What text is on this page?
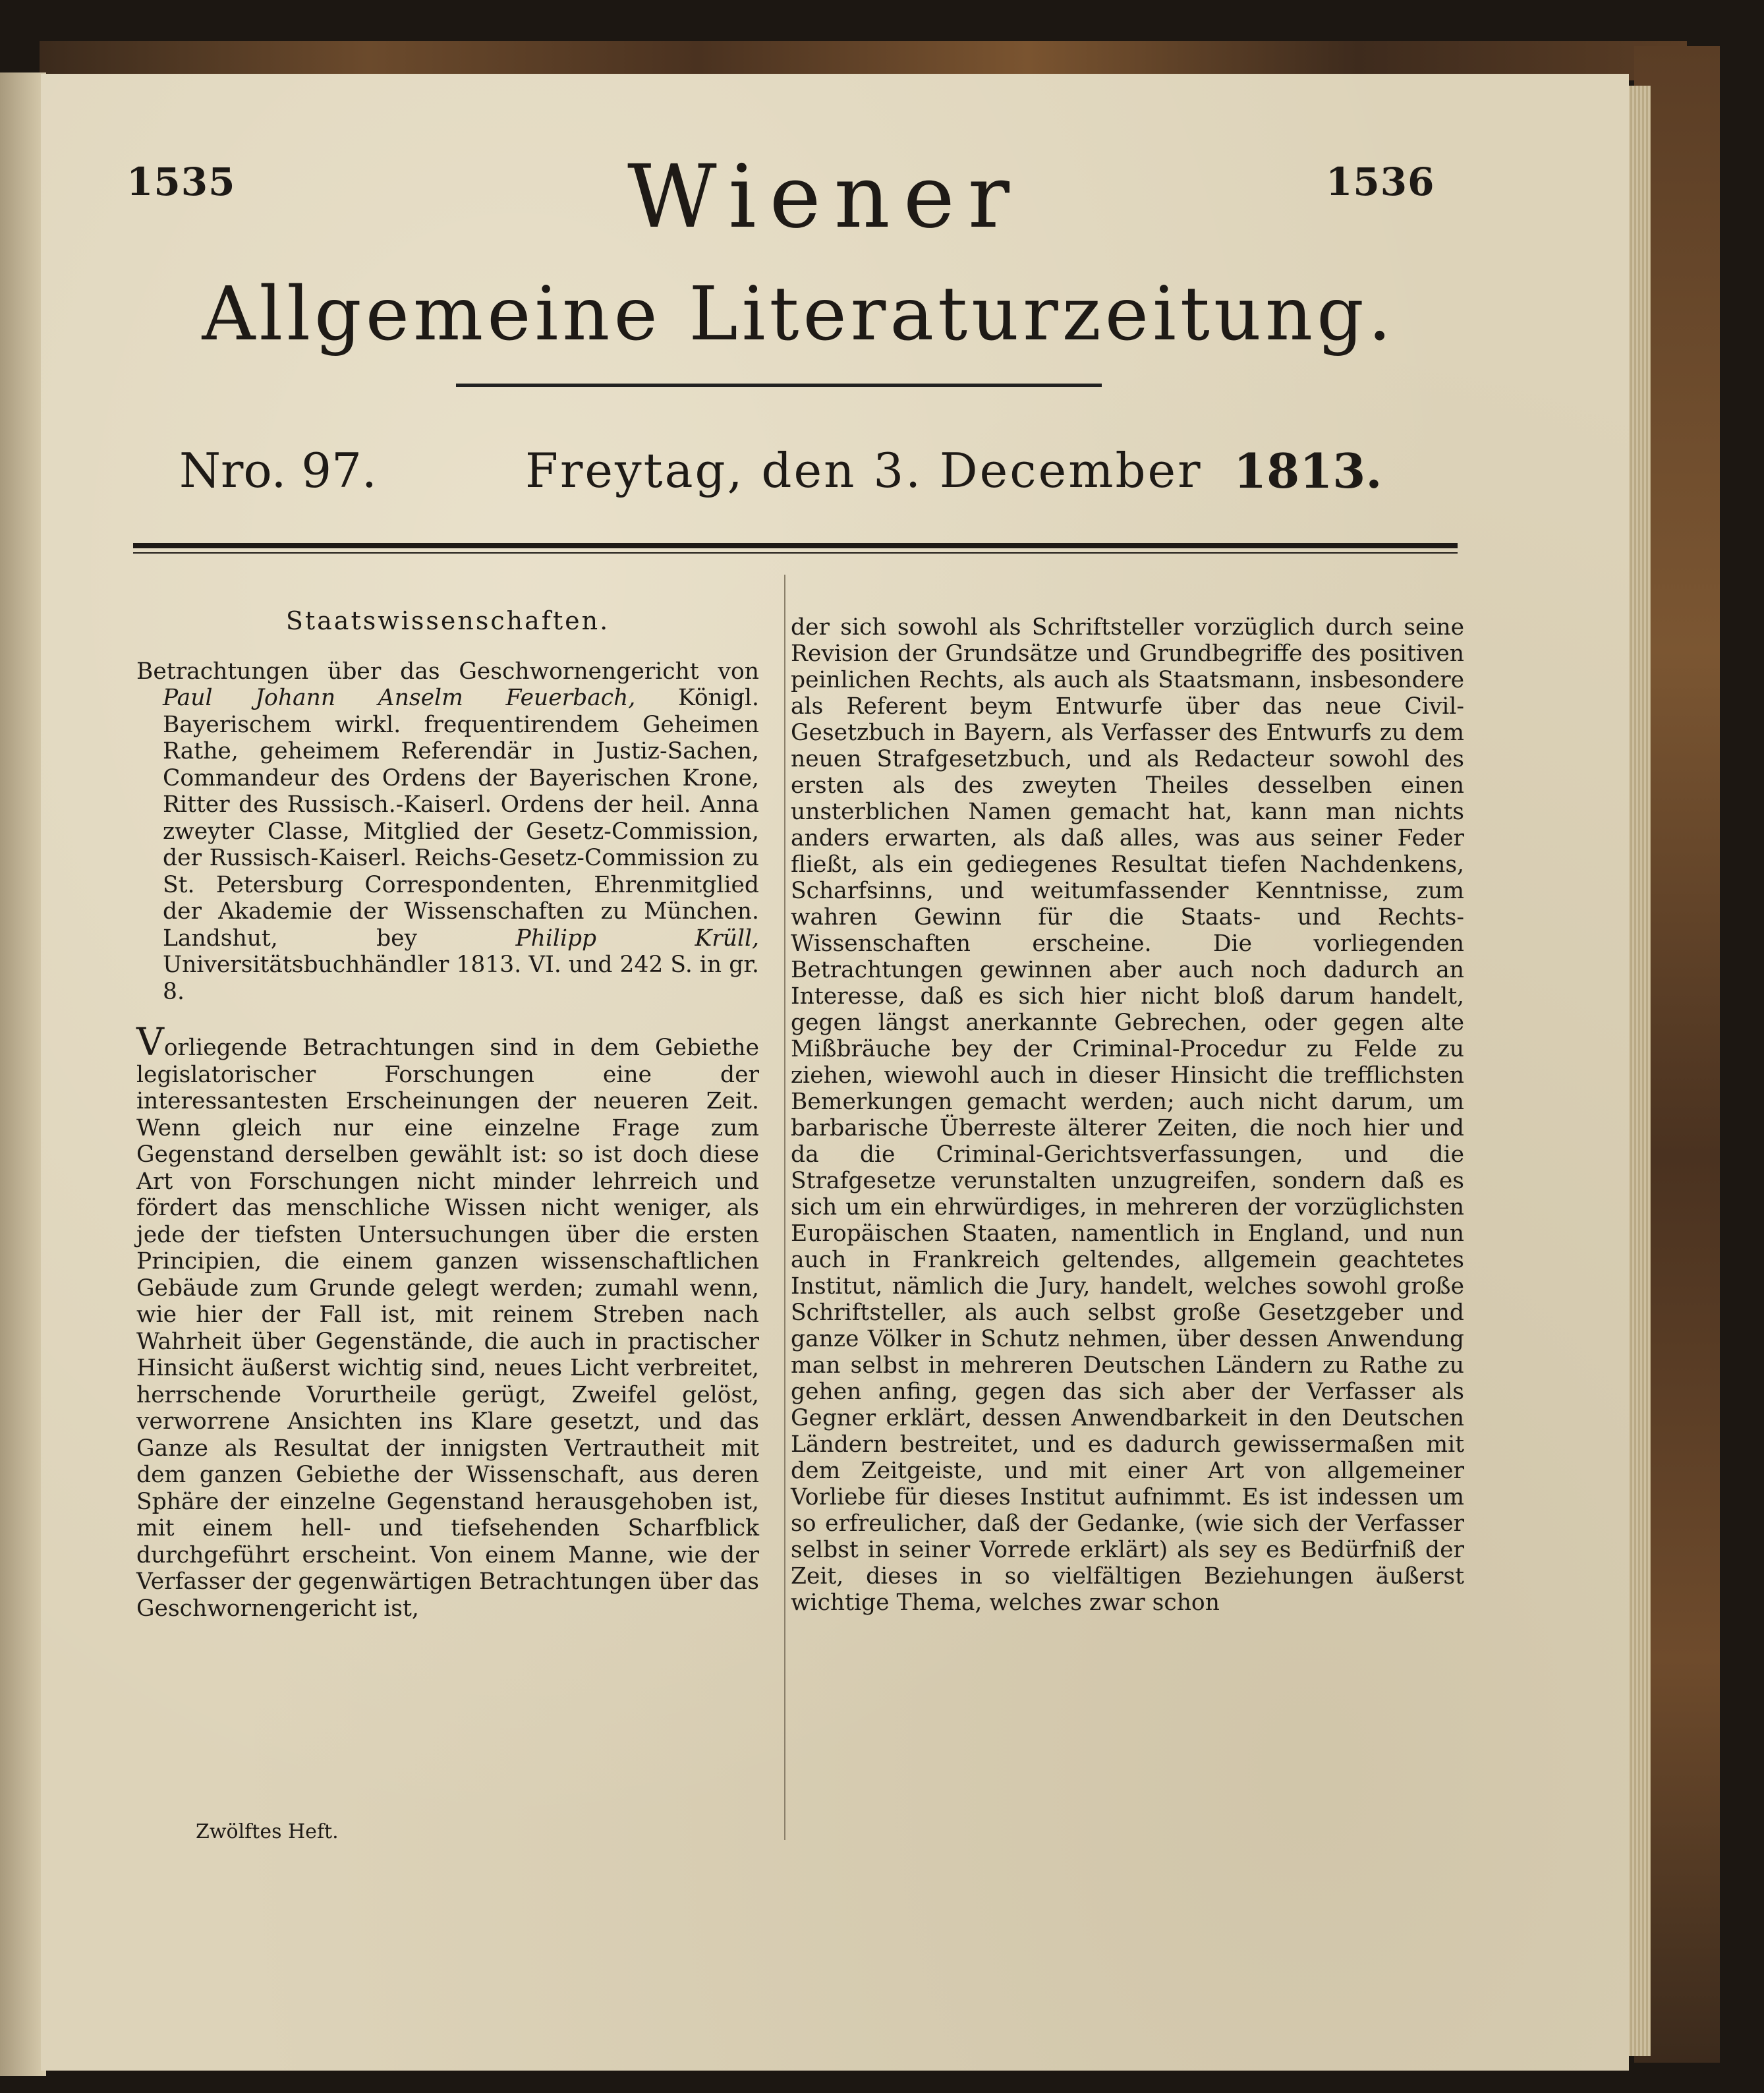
1535	1536
Wiener
Allgemeine Literaturzeitung.
Nro. 97.	Freytag, den 3. December 1813.
Staatswissenschaften.

Betrachtungen über das Geschwornengericht von Paul Johann Anselm Feuerbach, Königl. Bayerischem wirkl. frequentirendem Geheimen Rathe, geheimem Referendär in Justiz-Sachen, Commandeur des Ordens der Bayerischen Krone, Ritter des Russisch.-Kaiserl. Ordens der heil. Anna zweyter Classe, Mitglied der Gesetz-Commission, der Russisch-Kaiserl. Reichs-Gesetz-Commission zu St. Petersburg Correspondenten, Ehrenmitglied der Akademie der Wissenschaften zu München. Landshut, bey Philipp Krüll, Universitätsbuchhändler 1813. VI. und 242 S. in gr. 8.

Vorliegende Betrachtungen sind in dem Gebiethe legislatorischer Forschungen eine der interessantesten Erscheinungen der neueren Zeit. Wenn gleich nur eine einzelne Frage zum Gegenstand derselben gewählt ist: so ist doch diese Art von Forschungen nicht minder lehrreich und fördert das menschliche Wissen nicht weniger, als jede der tiefsten Untersuchungen über die ersten Principien, die einem ganzen wissenschaftlichen Gebäude zum Grunde gelegt werden; zumahl wenn, wie hier der Fall ist, mit reinem Streben nach Wahrheit über Gegenstände, die auch in practischer Hinsicht äußerst wichtig sind, neues Licht verbreitet, herrschende Vorurtheile gerügt, Zweifel gelöst, verworrene Ansichten ins Klare gesetzt, und das Ganze als Resultat der innigsten Vertrautheit mit dem ganzen Gebiethe der Wissenschaft, aus deren Sphäre der einzelne Gegenstand herausgehoben ist, mit einem hell- und tiefsehenden Scharfblick durchgeführt erscheint. Von einem Manne, wie der Verfasser der gegenwärtigen Betrachtungen über das Geschwornengericht ist,

der sich sowohl als Schriftsteller vorzüglich durch seine Revision der Grundsätze und Grundbegriffe des positiven peinlichen Rechts, als auch als Staatsmann, insbesondere als Referent beym Entwurfe über das neue Civil-Gesetzbuch in Bayern, als Verfasser des Entwurfs zu dem neuen Strafgesetzbuch, und als Redacteur sowohl des ersten als des zweyten Theiles desselben einen unsterblichen Namen gemacht hat, kann man nichts anders erwarten, als daß alles, was aus seiner Feder fließt, als ein gediegenes Resultat tiefen Nachdenkens, Scharfsinns, und weitumfassender Kenntnisse, zum wahren Gewinn für die Staats- und Rechts-Wissenschaften erscheine. Die vorliegenden Betrachtungen gewinnen aber auch noch dadurch an Interesse, daß es sich hier nicht bloß darum handelt, gegen längst anerkannte Gebrechen, oder gegen alte Mißbräuche bey der Criminal-Procedur zu Felde zu ziehen, wiewohl auch in dieser Hinsicht die trefflichsten Bemerkungen gemacht werden; auch nicht darum, um barbarische Überreste älterer Zeiten, die noch hier und da die Criminal-Gerichtsverfassungen, und die Strafgesetze verunstalten unzugreifen, sondern daß es sich um ein ehrwürdiges, in mehreren der vorzüglichsten Europäischen Staaten, namentlich in England, und nun auch in Frankreich geltendes, allgemein geachtetes Institut, nämlich die Jury, handelt, welches sowohl große Schriftsteller, als auch selbst große Gesetzgeber und ganze Völker in Schutz nehmen, über dessen Anwendung man selbst in mehreren Deutschen Ländern zu Rathe zu gehen anfing, gegen das sich aber der Verfasser als Gegner erklärt, dessen Anwendbarkeit in den Deutschen Ländern bestreitet, und es dadurch gewissermaßen mit dem Zeitgeiste, und mit einer Art von allgemeiner Vorliebe für dieses Institut aufnimmt. Es ist indessen um so erfreulicher, daß der Gedanke, (wie sich der Verfasser selbst in seiner Vorrede erklärt) als sey es Bedürfniß der Zeit, dieses in so vielfältigen Beziehungen äußerst wichtige Thema, welches zwar schon

Zwölftes Heft.
